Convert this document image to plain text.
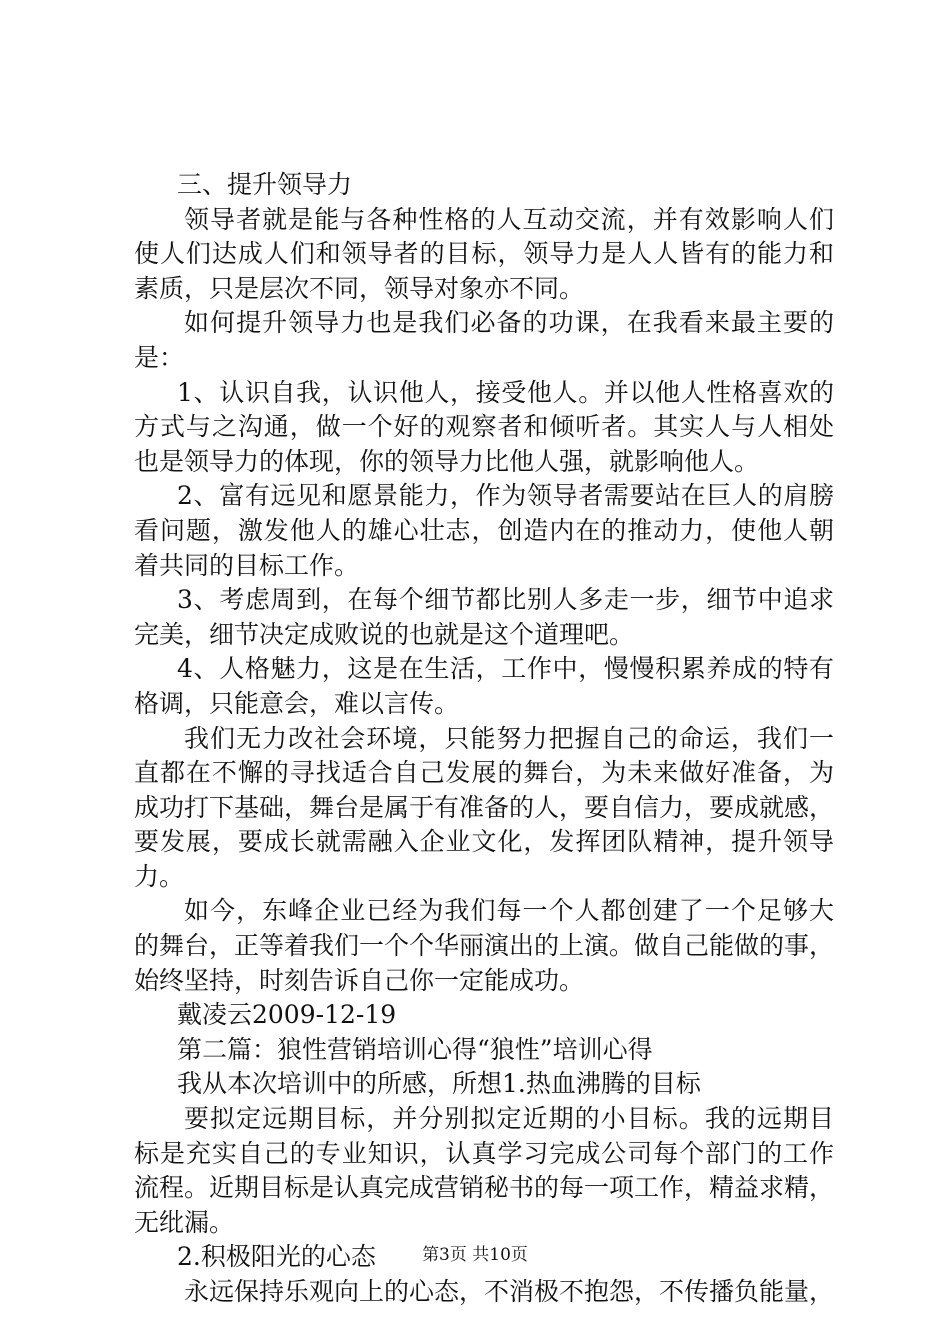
三、提升领导力
领导者就是能与各种性格的人互动交流，并有效影响人们
使人们达成人们和领导者的目标，领导力是人人皆有的能力和
素质，只是层次不同，领导对象亦不同。
如何提升领导力也是我们必备的功课，在我看来最主要的
是：
1、认识自我，认识他人，接受他人。并以他人性格喜欢的
方式与之沟通，做一个好的观察者和倾听者。其实人与人相处
也是领导力的体现，你的领导力比他人强，就影响他人。
2、富有远见和愿景能力，作为领导者需要站在巨人的肩膀
看问题，激发他人的雄心壮志，创造内在的推动力，使他人朝
着共同的目标工作。
3、考虑周到，在每个细节都比别人多走一步，细节中追求
完美，细节决定成败说的也就是这个道理吧。
4、人格魅力，这是在生活，工作中，慢慢积累养成的特有
格调，只能意会，难以言传。
我们无力改社会环境，只能努力把握自己的命运，我们一
直都在不懈的寻找适合自己发展的舞台，为未来做好准备，为
成功打下基础，舞台是属于有准备的人，要自信力，要成就感，
要发展，要成长就需融入企业文化，发挥团队精神，提升领导
力。
如今，东峰企业已经为我们每一个人都创建了一个足够大
的舞台，正等着我们一个个华丽演出的上演。做自己能做的事，
始终坚持，时刻告诉自己你一定能成功。
戴凌云2009-12-19
第二篇：狼性营销培训心得“狼性”培训心得
我从本次培训中的所感，所想1.热血沸腾的目标
要拟定远期目标，并分别拟定近期的小目标。我的远期目
标是充实自己的专业知识，认真学习完成公司每个部门的工作
流程。近期目标是认真完成营销秘书的每一项工作，精益求精，
无纰漏。
2.积极阳光的心态
永远保持乐观向上的心态，不消极不抱怨，不传播负能量，
第3页 共10页
